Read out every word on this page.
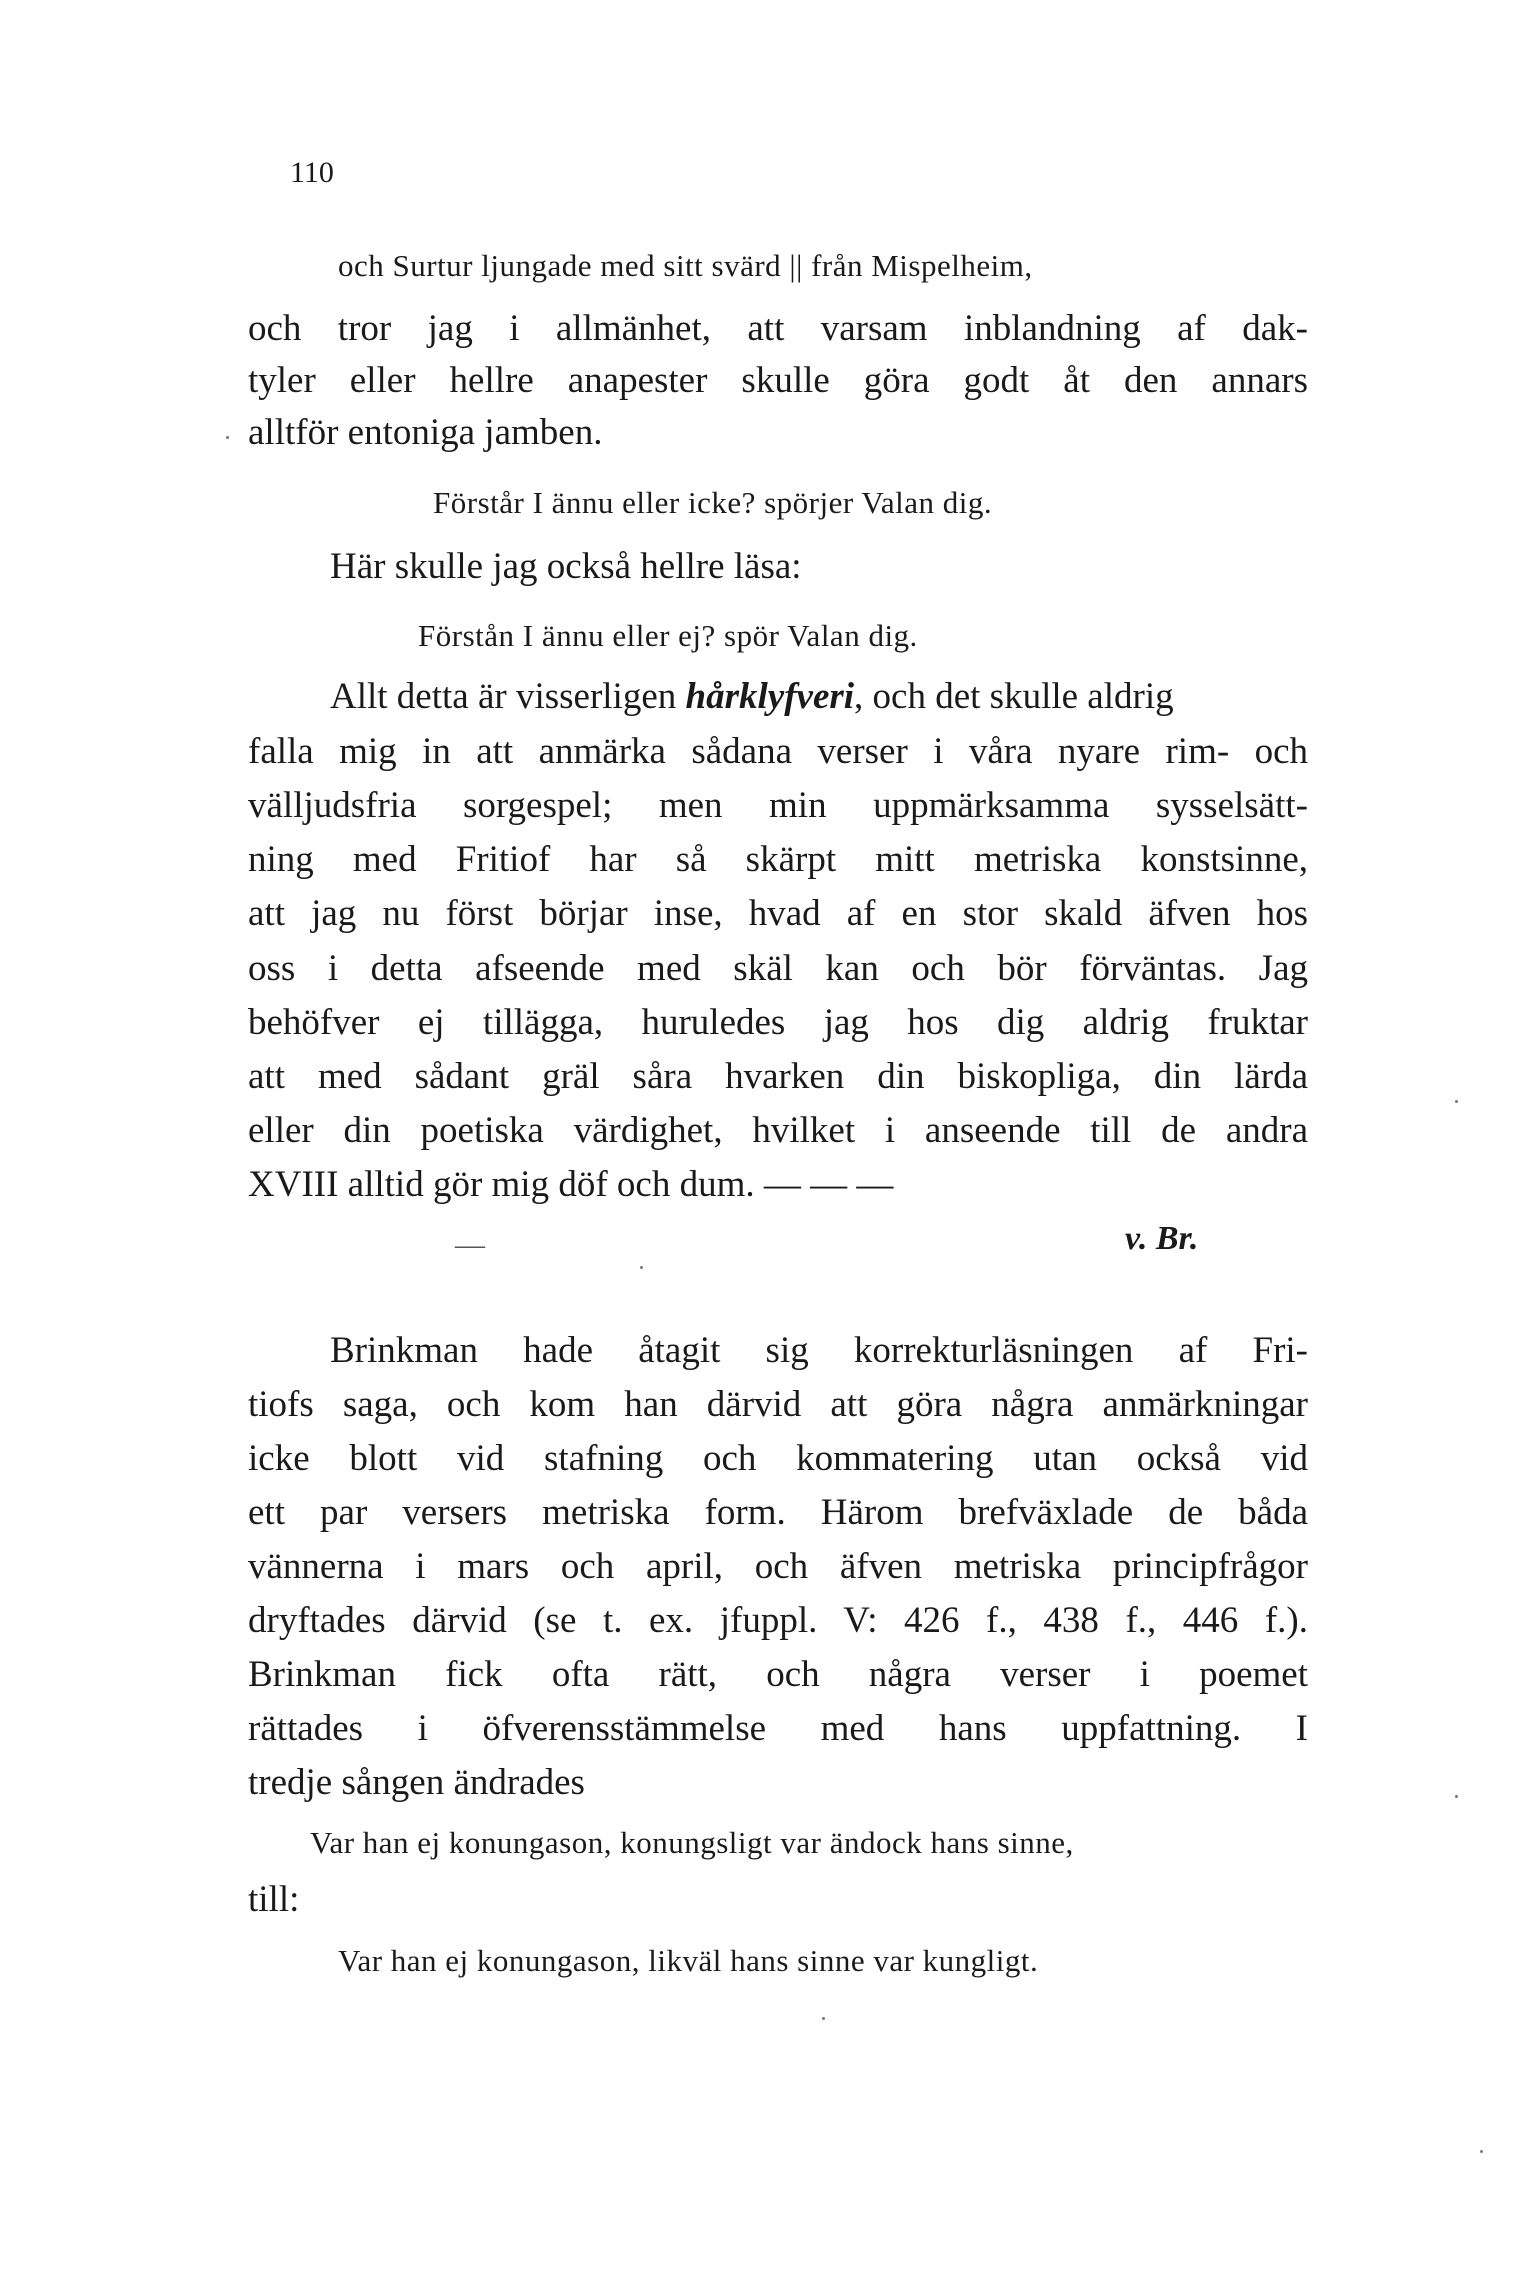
110
och Surtur ljungade med sitt svärd || från Mispelheim,
och tror jag i allmänhet, att varsam inblandning af dak-
tyler eller hellre anapester skulle göra godt åt den annars
alltför entoniga jamben.
Förstår I ännu eller icke? spörjer Valan dig.
Här skulle jag också hellre läsa:
Förstån I ännu eller ej? spör Valan dig.
Allt detta är visserligen hårklyfveri, och det skulle aldrig
falla mig in att anmärka sådana verser i våra nyare rim- och
välljudsfria sorgespel; men min uppmärksamma sysselsätt-
ning med Fritiof har så skärpt mitt metriska konstsinne,
att jag nu först börjar inse, hvad af en stor skald äfven hos
oss i detta afseende med skäl kan och bör förväntas. Jag
behöfver ej tillägga, huruledes jag hos dig aldrig fruktar
att med sådant gräl såra hvarken din biskopliga, din lärda
eller din poetiska värdighet, hvilket i anseende till de andra
XVIII alltid gör mig döf och dum. — — —
v. Br.
—
Brinkman hade åtagit sig korrekturläsningen af Fri-
tiofs saga, och kom han därvid att göra några anmärkningar
icke blott vid stafning och kommatering utan också vid
ett par versers metriska form. Härom brefväxlade de båda
vännerna i mars och april, och äfven metriska principfrågor
dryftades därvid (se t. ex. jfuppl. V: 426 f., 438 f., 446 f.).
Brinkman fick ofta rätt, och några verser i poemet
rättades i öfverensstämmelse med hans uppfattning. I
tredje sången ändrades
Var han ej konungason, konungsligt var ändock hans sinne,
till:
Var han ej konungason, likväl hans sinne var kungligt.
